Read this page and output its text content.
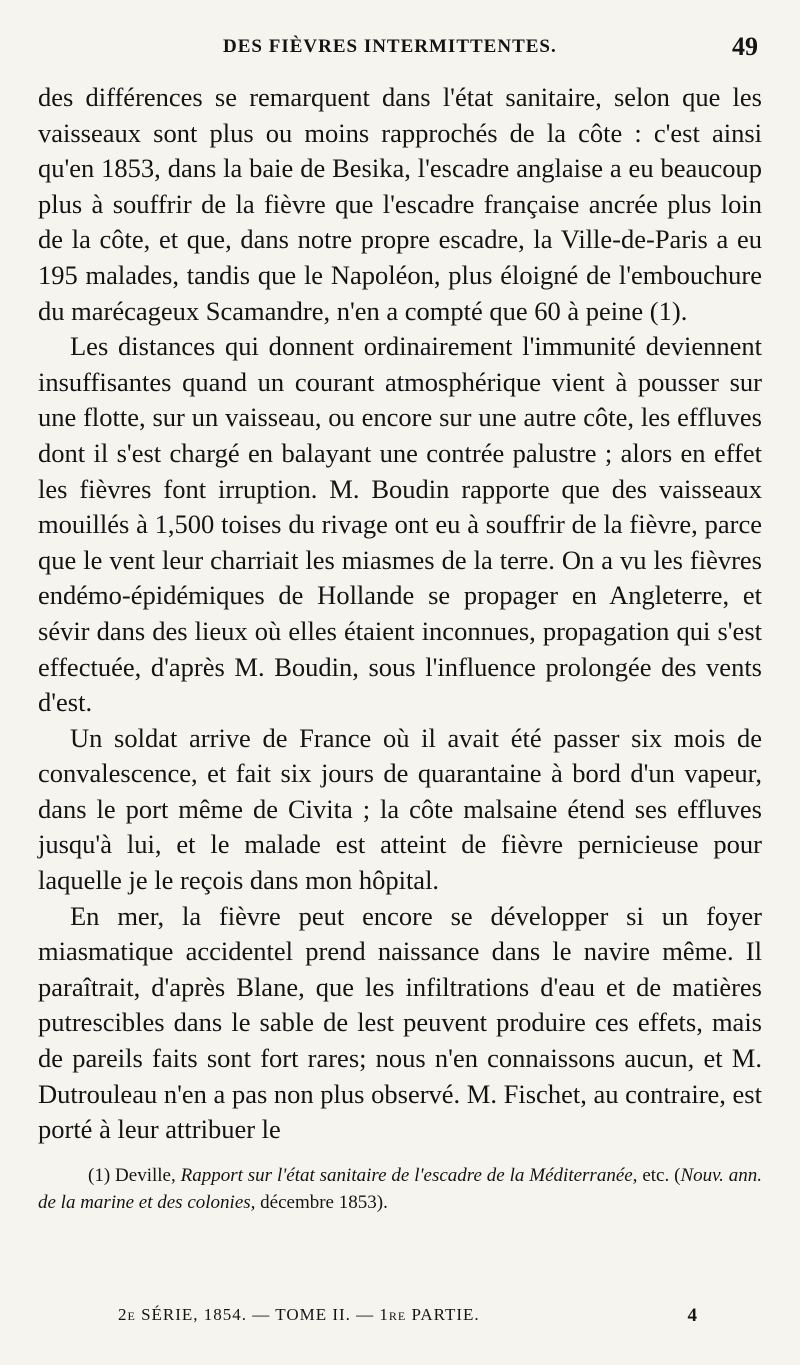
DES FIÈVRES INTERMITTENTES.	49

des différences se remarquent dans l'état sanitaire, selon que les vaisseaux sont plus ou moins rapprochés de la côte : c'est ainsi qu'en 1853, dans la baie de Besika, l'escadre anglaise a eu beaucoup plus à souffrir de la fièvre que l'escadre française ancrée plus loin de la côte, et que, dans notre propre escadre, la Ville-de-Paris a eu 195 malades, tandis que le Napoléon, plus éloigné de l'embouchure du marécageux Scamandre, n'en a compté que 60 à peine (1).

Les distances qui donnent ordinairement l'immunité deviennent insuffisantes quand un courant atmosphérique vient à pousser sur une flotte, sur un vaisseau, ou encore sur une autre côte, les effluves dont il s'est chargé en balayant une contrée palustre ; alors en effet les fièvres font irruption. M. Boudin rapporte que des vaisseaux mouillés à 1,500 toises du rivage ont eu à souffrir de la fièvre, parce que le vent leur charriait les miasmes de la terre. On a vu les fièvres endémo-épidémiques de Hollande se propager en Angleterre, et sévir dans des lieux où elles étaient inconnues, propagation qui s'est effectuée, d'après M. Boudin, sous l'influence prolongée des vents d'est.

Un soldat arrive de France où il avait été passer six mois de convalescence, et fait six jours de quarantaine à bord d'un vapeur, dans le port même de Civita ; la côte malsaine étend ses effluves jusqu'à lui, et le malade est atteint de fièvre pernicieuse pour laquelle je le reçois dans mon hôpital.

En mer, la fièvre peut encore se développer si un foyer miasmatique accidentel prend naissance dans le navire même. Il paraîtrait, d'après Blane, que les infiltrations d'eau et de matières putrescibles dans le sable de lest peuvent produire ces effets, mais de pareils faits sont fort rares; nous n'en connaissons aucun, et M. Dutrouleau n'en a pas non plus observé. M. Fischet, au contraire, est porté à leur attribuer le

(1) Deville, Rapport sur l'état sanitaire de l'escadre de la Méditerranée, etc. (Nouv. ann. de la marine et des colonies, décembre 1853).
2e SÉRIE, 1854. — TOME II. — 1re PARTIE.	4
